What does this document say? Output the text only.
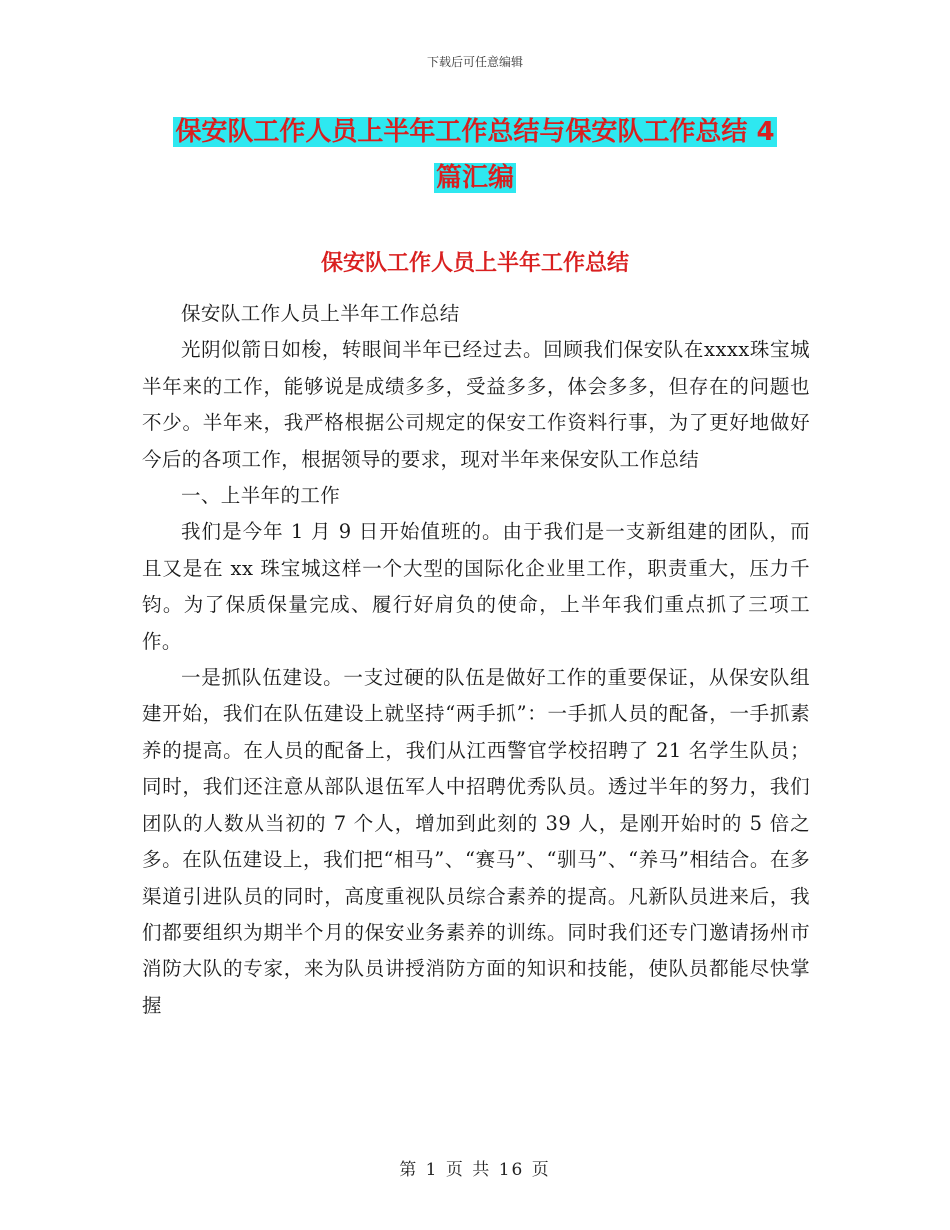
下载后可任意编辑
保安队工作人员上半年工作总结与保安队工作总结 4
篇汇编
保安队工作人员上半年工作总结

保安队工作人员上半年工作总结

光阴似箭日如梭，转眼间半年已经过去。回顾我们保安队在xxxx珠宝城半年来的工作，能够说是成绩多多，受益多多，体会多多，但存在的问题也不少。半年来，我严格根据公司规定的保安工作资料行事，为了更好地做好今后的各项工作，根据领导的要求，现对半年来保安队工作总结

一、上半年的工作

我们是今年 1 月 9 日开始值班的。由于我们是一支新组建的团队，而且又是在 xx 珠宝城这样一个大型的国际化企业里工作，职责重大，压力千钧。为了保质保量完成、履行好肩负的使命，上半年我们重点抓了三项工作。

一是抓队伍建设。一支过硬的队伍是做好工作的重要保证，从保安队组建开始，我们在队伍建设上就坚持“两手抓”：一手抓人员的配备，一手抓素养的提高。在人员的配备上，我们从江西警官学校招聘了 21 名学生队员；同时，我们还注意从部队退伍军人中招聘优秀队员。透过半年的努力，我们团队的人数从当初的 7 个人，增加到此刻的 39 人，是刚开始时的 5 倍之多。在队伍建设上，我们把“相马”、“赛马”、“驯马”、“养马”相结合。在多渠道引进队员的同时，高度重视队员综合素养的提高。凡新队员进来后，我们都要组织为期半个月的保安业务素养的训练。同时我们还专门邀请扬州市消防大队的专家，来为队员讲授消防方面的知识和技能，使队员都能尽快掌握

第 1 页 共 16 页
